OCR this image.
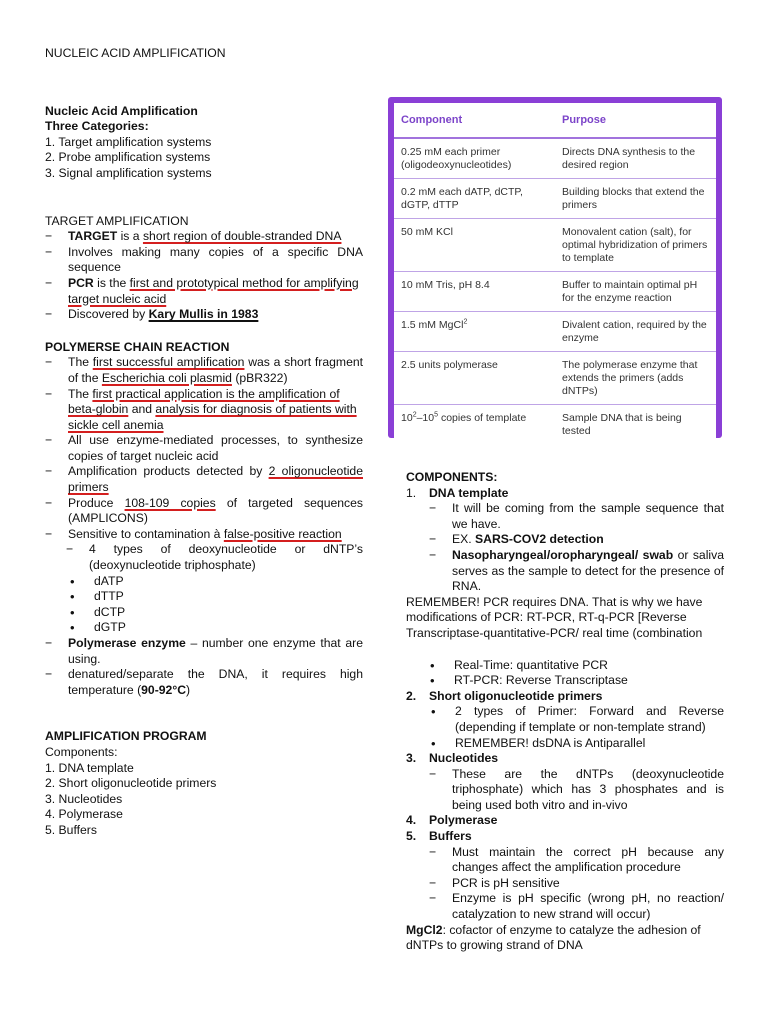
NUCLEIC ACID AMPLIFICATION

Nucleic Acid Amplification

Three Categories:

1. Target amplification systems

2. Probe amplification systems

3. Signal amplification systems

TARGET AMPLIFICATION

− TARGET is a short region of double-stranded DNA
− Involves making many copies of a specific DNA sequence
− PCR is the first and prototypical method for amplifying target nucleic acid
− Discovered by Kary Mullis in 1983

POLYMERSE CHAIN REACTION

− The first successful amplification was a short fragment of the Escherichia coli plasmid (pBR322)
− The first practical application is the amplification of beta-globin and analysis for diagnosis of patients with sickle cell anemia
− All use enzyme-mediated processes, to synthesize copies of target nucleic acid
− Amplification products detected by 2 oligonucleotide primers
− Produce 108-109 copies of targeted sequences (AMPLICONS)
− Sensitive to contamination à false-positive reaction
− 4 types of deoxynucleotide or dNTP’s (deoxynucleotide triphosphate)
• dATP
• dTTP
• dCTP
• dGTP
− Polymerase enzyme – number one enzyme that are using.
− denatured/separate the DNA, it requires high temperature (90-92°C)

AMPLIFICATION PROGRAM

Components:

1. DNA template

2. Short oligonucleotide primers

3. Nucleotides

4. Polymerase

5. Buffers

Component	Purpose
0.25 mM each primer (oligodeoxynucleotides)	Directs DNA synthesis to the desired region
0.2 mM each dATP, dCTP, dGTP, dTTP	Building blocks that extend the primers
50 mM KCl	Monovalent cation (salt), for optimal hybridization of primers to template
10 mM Tris, pH 8.4	Buffer to maintain optimal pH for the enzyme reaction
1.5 mM MgCl$^2$	Divalent cation, required by the enzyme
2.5 units polymerase	The polymerase enzyme that extends the primers (adds dNTPs)
$10^2-10^5$ copies of template	Sample DNA that is being tested

COMPONENTS:

1. DNA template
− It will be coming from the sample sequence that we have.
− EX. SARS-COV2 detection
− Nasopharyngeal/oropharyngeal/ swab or saliva serves as the sample to detect for the presence of RNA.

REMEMBER! PCR requires DNA. That is why we have modifications of PCR: RT-PCR, RT-q-PCR [Reverse Transcriptase-quantitative-PCR/ real time (combination

• Real-Time: quantitative PCR
• RT-PCR: Reverse Transcriptase
2. Short oligonucleotide primers
• 2 types of Primer: Forward and Reverse (depending if template or non-template strand)
• REMEMBER! dsDNA is Antiparallel
3. Nucleotides
− These are the dNTPs (deoxynucleotide triphosphate) which has 3 phosphates and is being used both vitro and in-vivo
4. Polymerase
5. Buffers
− Must maintain the correct pH because any changes affect the amplification procedure
− PCR is pH sensitive
− Enzyme is pH specific (wrong pH, no reaction/ catalyzation to new strand will occur)

MgCl2: cofactor of enzyme to catalyze the adhesion of dNTPs to growing strand of DNA
